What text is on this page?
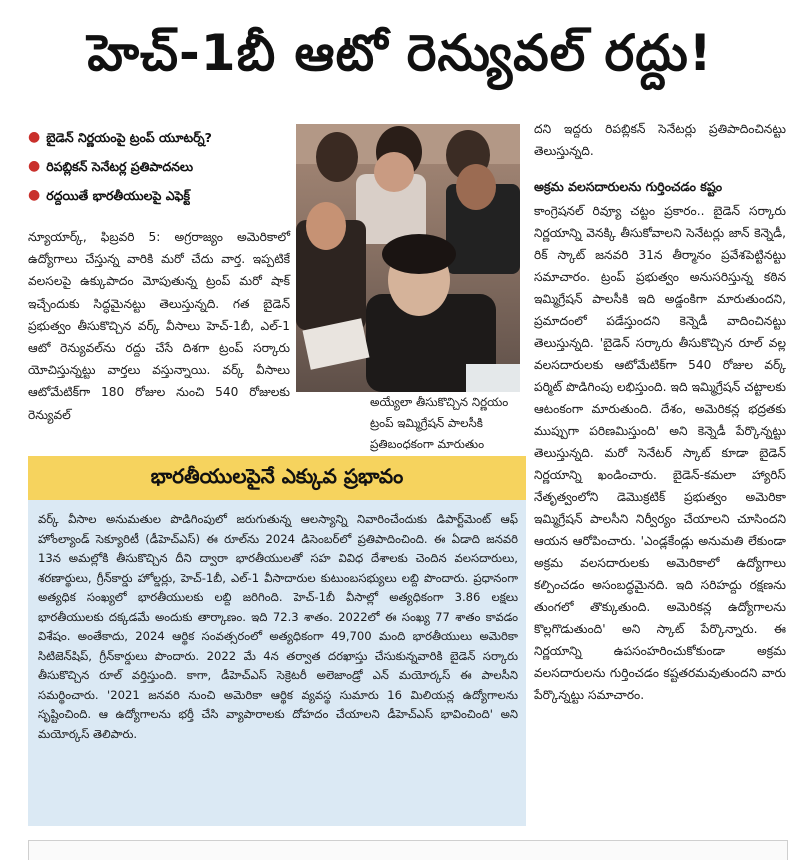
హెచ్-1బీ ఆటో రెన్యువల్ రద్దు!
● బైడెన్ నిర్ణయంపై ట్రంప్ యూటర్న్?
● రిపబ్లికన్ సెనేటర్ల ప్రతిపాదనలు
● రద్దయితే భారతీయులపై ఎఫెక్ట్
న్యూయార్క్, ఫిబ్రవరి 5: అగ్రరాజ్యం అమెరికాలో ఉద్యోగాలు చేస్తున్న వారికి మరో చేదు వార్త. ఇప్పటికే వలసలపై ఉక్కుపాదం మోపుతున్న ట్రంప్ మరో షాక్ ఇచ్చేందుకు సిద్ధమైనట్టు తెలుస్తున్నది. గత బైడెన్ ప్రభుత్వం తీసుకొచ్చిన వర్క్ వీసాలు హెచ్-1బీ, ఎల్-1 ఆటో రెన్యువల్‌ను రద్దు చేసే దిశగా ట్రంప్ సర్కారు యోచిస్తున్నట్టు వార్తలు వస్తున్నాయి. వర్క్ వీసాలు ఆటోమేటిక్‌గా 180 రోజుల నుంచి 540 రోజులకు రెన్యువల్
అయ్యేలా తీసుకొచ్చిన నిర్ణయం ట్రంప్ ఇమ్మిగ్రేషన్ పాలసీకి ప్రతిబంధకంగా మారుతుం

దని ఇద్దరు రిపబ్లికన్ సెనేటర్లు ప్రతిపాదించినట్టు తెలుస్తున్నది.

అక్రమ వలసదారులను గుర్తించడం కష్టం

కాంగ్రెషనల్ రివ్యూ చట్టం ప్రకారం.. బైడెన్ సర్కారు నిర్ణయాన్ని వెనక్కి తీసుకోవాలని సెనేటర్లు జాన్ కెన్నెడీ, రిక్ స్కాట్ జనవరి 31న తీర్మానం ప్రవేశపెట్టినట్టు సమాచారం. ట్రంప్ ప్రభుత్వం అనుసరిస్తున్న కఠిన ఇమ్మిగ్రేషన్ పాలసీకి ఇది అడ్డంకిగా మారుతుందని, ప్రమాదంలో పడేస్తుందని కెన్నెడీ వాదించినట్టు తెలుస్తున్నది. 'బైడెన్ సర్కారు తీసుకొచ్చిన రూల్ వల్ల వలసదారులకు ఆటోమేటిక్‌గా 540 రోజుల వర్క్ పర్మిట్ పొడిగింపు లభిస్తుంది. ఇది ఇమ్మిగ్రేషన్ చట్టాలకు ఆటంకంగా మారుతుంది. దేశం, అమెరికన్ల భద్రతకు ముప్పుగా పరిణమిస్తుంది' అని కెన్నెడీ పేర్కొన్నట్టు తెలుస్తున్నది. మరో సెనేటర్ స్కాట్ కూడా బైడెన్ నిర్ణయాన్ని ఖండించారు. బైడెన్-కమలా హ్యారిస్ నేతృత్వంలోని డెమొక్రటిక్ ప్రభుత్వం అమెరికా ఇమ్మిగ్రేషన్ పాలసీని నిర్వీర్యం చేయాలని చూసిందని ఆయన ఆరోపించారు. 'ఎండ్లకేండ్లు అనుమతి లేకుండా అక్రమ వలసదారులకు అమెరికాలో ఉద్యోగాలు కల్పించడం అసంబద్ధమైనది. ఇది సరిహద్దు రక్షణను తుంగలో తొక్కుతుంది. అమెరికన్ల ఉద్యోగాలను కొల్లగొడుతుంది' అని స్కాట్ పేర్కొన్నారు. ఈ నిర్ణయాన్ని ఉపసంహరించుకోకుండా అక్రమ వలసదారులను గుర్తించడం కష్టతరమవుతుందని వారు పేర్కొన్నట్టు సమాచారం.

భారతీయులపైనే ఎక్కువ ప్రభావం
వర్క్ వీసాల అనుమతుల పొడిగింపులో జరుగుతున్న ఆలస్యాన్ని నివారించేందుకు డిపార్ట్‌మెంట్ ఆఫ్ హోంల్యాండ్ సెక్యూరిటీ (డీహెచ్ఎస్) ఈ రూల్‌ను 2024 డిసెంబర్‌లో ప్రతిపాదించింది. ఈ ఏడాది జనవరి 13న అమల్లోకి తీసుకొచ్చిన దీని ద్వారా భారతీయులతో సహ వివిధ దేశాలకు చెందిన వలసదారులు, శరణార్థులు, గ్రీన్‌కార్డు హోల్డర్లు, హెచ్-1బీ, ఎల్-1 వీసాదారుల కుటుంబసభ్యులు లబ్ది పొందారు. ప్రధానంగా అత్యధిక సంఖ్యలో భారతీయులకు లబ్ది జరిగింది. హెచ్-1బీ వీసాల్లో అత్యధికంగా 3.86 లక్షలు భారతీయులకు దక్కడమే అందుకు తార్కాణం. ఇది 72.3 శాతం. 2022లో ఈ సంఖ్య 77 శాతం కావడం విశేషం. అంతేకాదు, 2024 ఆర్థిక సంవత్సరంలో అత్యధికంగా 49,700 మంది భారతీయులు అమెరికా సిటిజెన్‌షిప్, గ్రీన్‌కార్డులు పొందారు. 2022 మే 4న తర్వాత దరఖాస్తు చేసుకున్నవారికి బైడెన్ సర్కారు తీసుకొచ్చిన రూల్ వర్తిస్తుంది. కాగా, డీహెచ్ఎస్ సెక్రెటరీ అలెజాండ్రో ఎన్ మయోర్కస్ ఈ పాలసీని సమర్థించారు. '2021 జనవరి నుంచి అమెరికా ఆర్థిక వ్యవస్థ సుమారు 16 మిలియన్ల ఉద్యోగాలను సృష్టించింది. ఆ ఉద్యోగాలను భర్తీ చేసి వ్యాపారాలకు దోహదం చేయాలని డీహెచ్ఎస్ భావించింది' అని మయోర్కస్ తెలిపారు.
